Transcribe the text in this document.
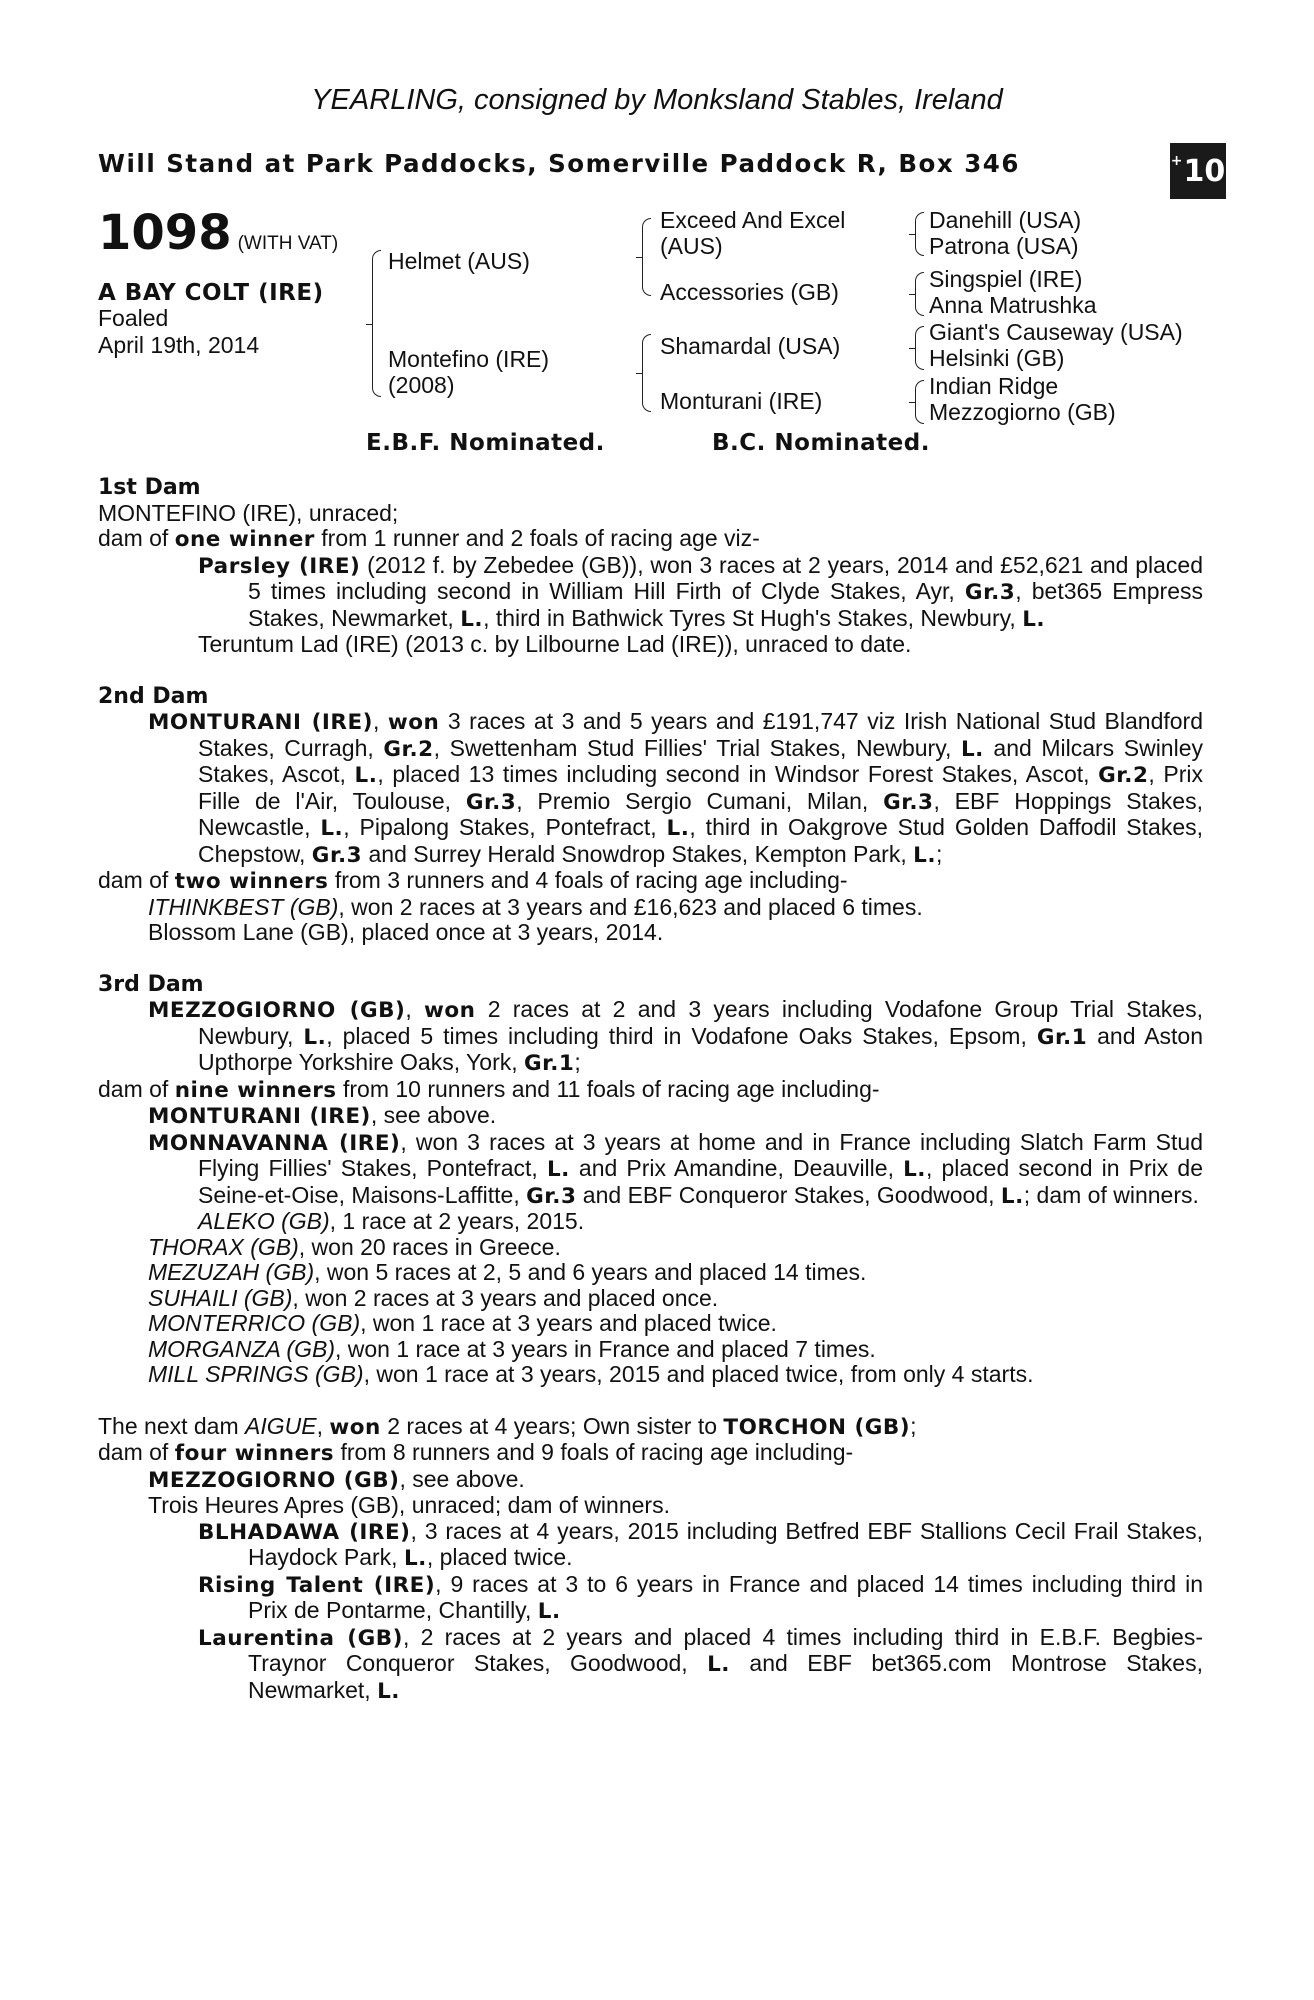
YEARLING, consigned by Monksland Stables, Ireland
Will Stand at Park Paddocks, Somerville Paddock R, Box 346	+ 10
1098 (WITH VAT)
A BAY COLT (IRE)
Foaled
April 19th, 2014
Helmet (AUS)
Montefino (IRE)
(2008)
Exceed And Excel
(AUS)
Accessories (GB)
Shamardal (USA)
Monturani (IRE)
Danehill (USA)
Patrona (USA)
Singspiel (IRE)
Anna Matrushka
Giant's Causeway (USA)
Helsinki (GB)
Indian Ridge
Mezzogiorno (GB)
E.B.F. Nominated.	B.C. Nominated.
1st Dam

MONTEFINO (IRE), unraced;

dam of one winner from 1 runner and 2 foals of racing age viz-

Parsley (IRE) (2012 f. by Zebedee (GB)), won 3 races at 2 years, 2014 and £52,621 and placed 5 times including second in William Hill Firth of Clyde Stakes, Ayr, Gr.3, bet365 Empress Stakes, Newmarket, L., third in Bathwick Tyres St Hugh's Stakes, Newbury, L.

Teruntum Lad (IRE) (2013 c. by Lilbourne Lad (IRE)), unraced to date.

2nd Dam

MONTURANI (IRE), won 3 races at 3 and 5 years and £191,747 viz Irish National Stud Blandford Stakes, Curragh, Gr.2, Swettenham Stud Fillies' Trial Stakes, Newbury, L. and Milcars Swinley Stakes, Ascot, L., placed 13 times including second in Windsor Forest Stakes, Ascot, Gr.2, Prix Fille de l'Air, Toulouse, Gr.3, Premio Sergio Cumani, Milan, Gr.3, EBF Hoppings Stakes, Newcastle, L., Pipalong Stakes, Pontefract, L., third in Oakgrove Stud Golden Daffodil Stakes, Chepstow, Gr.3 and Surrey Herald Snowdrop Stakes, Kempton Park, L.;

dam of two winners from 3 runners and 4 foals of racing age including-

ITHINKBEST (GB), won 2 races at 3 years and £16,623 and placed 6 times.

Blossom Lane (GB), placed once at 3 years, 2014.

3rd Dam

MEZZOGIORNO (GB), won 2 races at 2 and 3 years including Vodafone Group Trial Stakes, Newbury, L., placed 5 times including third in Vodafone Oaks Stakes, Epsom, Gr.1 and Aston Upthorpe Yorkshire Oaks, York, Gr.1;

dam of nine winners from 10 runners and 11 foals of racing age including-

MONTURANI (IRE), see above.

MONNAVANNA (IRE), won 3 races at 3 years at home and in France including Slatch Farm Stud Flying Fillies' Stakes, Pontefract, L. and Prix Amandine, Deauville, L., placed second in Prix de Seine-et-Oise, Maisons-Laffitte, Gr.3 and EBF Conqueror Stakes, Goodwood, L.; dam of winners.

ALEKO (GB), 1 race at 2 years, 2015.

THORAX (GB), won 20 races in Greece.

MEZUZAH (GB), won 5 races at 2, 5 and 6 years and placed 14 times.

SUHAILI (GB), won 2 races at 3 years and placed once.

MONTERRICO (GB), won 1 race at 3 years and placed twice.

MORGANZA (GB), won 1 race at 3 years in France and placed 7 times.

MILL SPRINGS (GB), won 1 race at 3 years, 2015 and placed twice, from only 4 starts.

The next dam AIGUE, won 2 races at 4 years; Own sister to TORCHON (GB);

dam of four winners from 8 runners and 9 foals of racing age including-

MEZZOGIORNO (GB), see above.

Trois Heures Apres (GB), unraced; dam of winners.

BLHADAWA (IRE), 3 races at 4 years, 2015 including Betfred EBF Stallions Cecil Frail Stakes, Haydock Park, L., placed twice.

Rising Talent (IRE), 9 races at 3 to 6 years in France and placed 14 times including third in Prix de Pontarme, Chantilly, L.

Laurentina (GB), 2 races at 2 years and placed 4 times including third in E.B.F. Begbies-Traynor Conqueror Stakes, Goodwood, L. and EBF bet365.com Montrose Stakes, Newmarket, L.
